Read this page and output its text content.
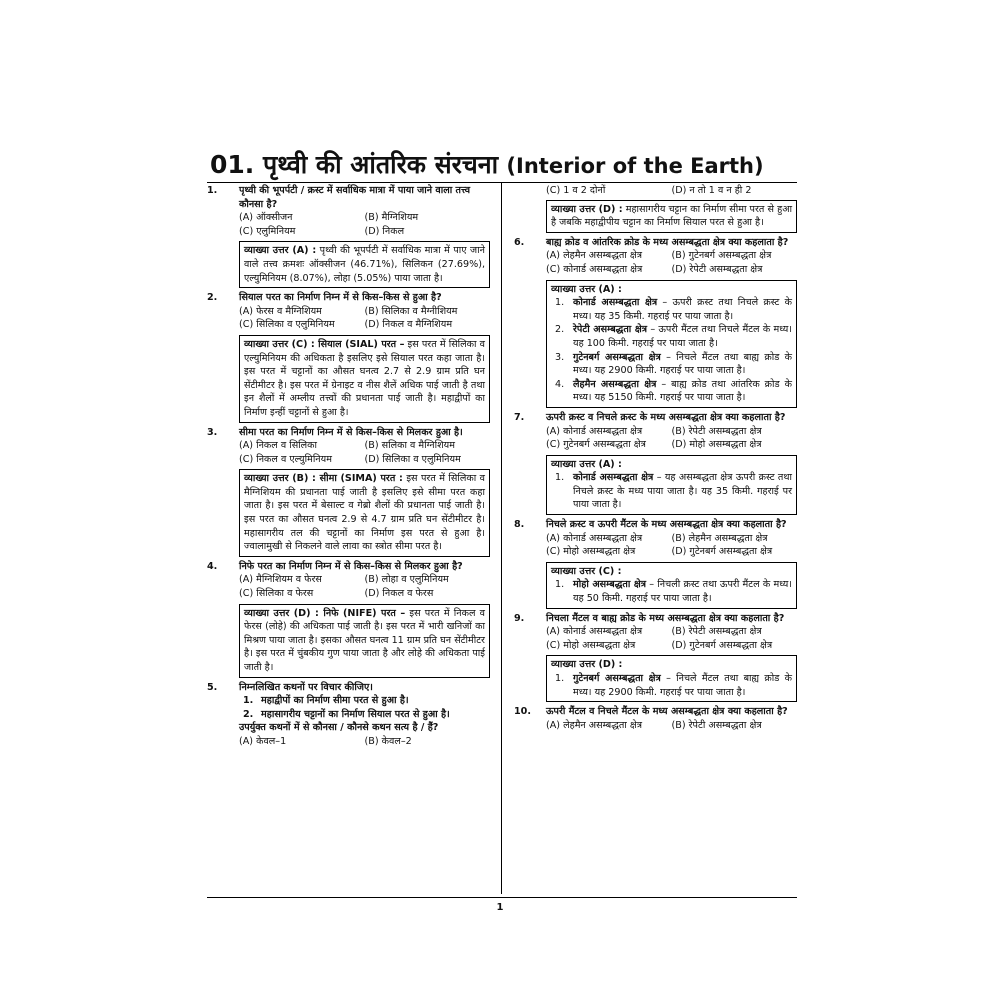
01. पृथ्वी की आंतरिक संरचना (Interior of the Earth)
1. पृथ्वी की भूपर्पटी / क्रस्ट में सर्वाधिक मात्रा में पाया जाने वाला तत्त्व कौनसा है?
(A) ऑक्सीजन	(B) मैग्निशियम
(C) एलुमिनियम	(D) निकल
व्याख्या उत्तर (A) : पृथ्वी की भूपर्पटी में सर्वाधिक मात्रा में पाए जाने वाले तत्त्व क्रमशः ऑक्सीजन (46.71%), सिलिकन (27.69%), एल्युमिनियम (8.07%), लोहा (5.05%) पाया जाता है।
2. सियाल परत का निर्माण निम्न में से किस–किस से हुआ है?
(A) फेरस व मैग्निशियम	(B) सिलिका व मैग्नीशियम
(C) सिलिका व एलुमिनियम	(D) निकल व मैग्निशियम
व्याख्या उत्तर (C) : सियाल (SIAL) परत – इस परत में सिलिका व एल्युमिनियम की अधिकता है इसलिए इसे सियाल परत कहा जाता है। इस परत में चट्टानों का औसत घनत्व 2.7 से 2.9 ग्राम प्रति घन सेंटीमीटर है। इस परत में ग्रेनाइट व नीस शैलें अधिक पाई जाती है तथा इन शैलों में अम्लीय तत्त्वों की प्रधानता पाई जाती है। महाद्वीपों का निर्माण इन्हीं चट्टानों से हुआ है।
3. सीमा परत का निर्माण निम्न में से किस–किस से मिलकर हुआ है।
(A) निकल व सिलिका	(B) सलिका व मैग्निशियम
(C) निकल व एल्युमिनियम	(D) सिलिका व एलुमिनियम
व्याख्या उत्तर (B) : सीमा (SIMA) परत : इस परत में सिलिका व मैग्निशियम की प्रधानता पाई जाती है इसलिए इसे सीमा परत कहा जाता है। इस परत में बेसाल्ट व गेब्रो शैलों की प्रधानता पाई जाती है। इस परत का औसत घनत्व 2.9 से 4.7 ग्राम प्रति घन सेंटीमीटर है। महासागरीय तल की चट्टानों का निर्माण इस परत से हुआ है। ज्वालामुखी से निकलने वाले लावा का स्त्रोत सीमा परत है।
4. निफे परत का निर्माण निम्न में से किस–किस से मिलकर हुआ है?
(A) मैग्निशियम व फेरस	(B) लोहा व एलुमिनियम
(C) सिलिका व फेरस	(D) निकल व फेरस
व्याख्या उत्तर (D) : निफे (NIFE) परत – इस परत में निकल व फेरस (लोहे) की अधिकता पाई जाती है। इस परत में भारी खनिजों का मिश्रण पाया जाता है। इसका औसत घनत्व 11 ग्राम प्रति घन सेंटीमीटर है। इस परत में चुंबकीय गुण पाया जाता है और लोहे की अधिकता पाई जाती है।
5. निम्नलिखित कथनों पर विचार कीजिए।
1. महाद्वीपों का निर्माण सीमा परत से हुआ है।
2. महासागरीय चट्टानों का निर्माण सियाल परत से हुआ है।
उपर्युक्त कथनों में से कौनसा / कौनसे कथन सत्य है / हैं?
(A) केवल–1	(B) केवल–2
(C) 1 व 2 दोनों	(D) न तो 1 व न ही 2
व्याख्या उत्तर (D) : महासागरीय चट्टान का निर्माण सीमा परत से हुआ है जबकि महाद्वीपीय चट्टान का निर्माण सियाल परत से हुआ है।
6. बाह्य क्रोड व आंतरिक क्रोड के मध्य असम्बद्धता क्षेत्र क्या कहलाता है?
(A) लेहमैन असम्बद्धता क्षेत्र	(B) गुटेनबर्ग असम्बद्धता क्षेत्र
(C) कोनार्ड असम्बद्धता क्षेत्र	(D) रेपेटी असम्बद्धता क्षेत्र
व्याख्या उत्तर (A) :
1. कोनार्ड असम्बद्धता क्षेत्र – ऊपरी क्रस्ट तथा निचले क्रस्ट के मध्य। यह 35 किमी. गहराई पर पाया जाता है।
2. रेपेटी असम्बद्धता क्षेत्र – ऊपरी मैंटल तथा निचले मैंटल के मध्य। यह 100 किमी. गहराई पर पाया जाता है।
3. गुटेनबर्ग असम्बद्धता क्षेत्र – निचले मैंटल तथा बाह्य क्रोड के मध्य। यह 2900 किमी. गहराई पर पाया जाता है।
4. लैहमैन असम्बद्धता क्षेत्र – बाह्य क्रोड तथा आंतरिक क्रोड के मध्य। यह 5150 किमी. गहराई पर पाया जाता है।
7. ऊपरी क्रस्ट व निचले क्रस्ट के मध्य असम्बद्धता क्षेत्र क्या कहलाता है?
(A) कोनार्ड असम्बद्धता क्षेत्र	(B) रेपेटी असम्बद्धता क्षेत्र
(C) गुटेनबर्ग असम्बद्धता क्षेत्र	(D) मोहो असम्बद्धता क्षेत्र
व्याख्या उत्तर (A) :
1. कोनार्ड असम्बद्धता क्षेत्र – यह असम्बद्धता क्षेत्र ऊपरी क्रस्ट तथा निचले क्रस्ट के मध्य पाया जाता है। यह 35 किमी. गहराई पर पाया जाता है।
8. निचले क्रस्ट व ऊपरी मैंटल के मध्य असम्बद्धता क्षेत्र क्या कहलाता है?
(A) कोनार्ड असम्बद्धता क्षेत्र	(B) लेहमैन असम्बद्धता क्षेत्र
(C) मोहो असम्बद्धता क्षेत्र	(D) गुटेनबर्ग असम्बद्धता क्षेत्र
व्याख्या उत्तर (C) :
1. मोहो असम्बद्धता क्षेत्र – निचली क्रस्ट तथा ऊपरी मैंटल के मध्य। यह 50 किमी. गहराई पर पाया जाता है।
9. निचला मैंटल व बाह्य क्रोड के मध्य असम्बद्धता क्षेत्र क्या कहलाता है?
(A) कोनार्ड असम्बद्धता क्षेत्र	(B) रेपेटी असम्बद्धता क्षेत्र
(C) मोहो असम्बद्धता क्षेत्र	(D) गुटेनबर्ग असम्बद्धता क्षेत्र
व्याख्या उत्तर (D) :
1. गुटेनबर्ग असम्बद्धता क्षेत्र – निचले मैंटल तथा बाह्य क्रोड के मध्य। यह 2900 किमी. गहराई पर पाया जाता है।
10. ऊपरी मैंटल व निचले मैंटल के मध्य असम्बद्धता क्षेत्र क्या कहलाता है?
(A) लेहमैन असम्बद्धता क्षेत्र	(B) रेपेटी असम्बद्धता क्षेत्र
1
